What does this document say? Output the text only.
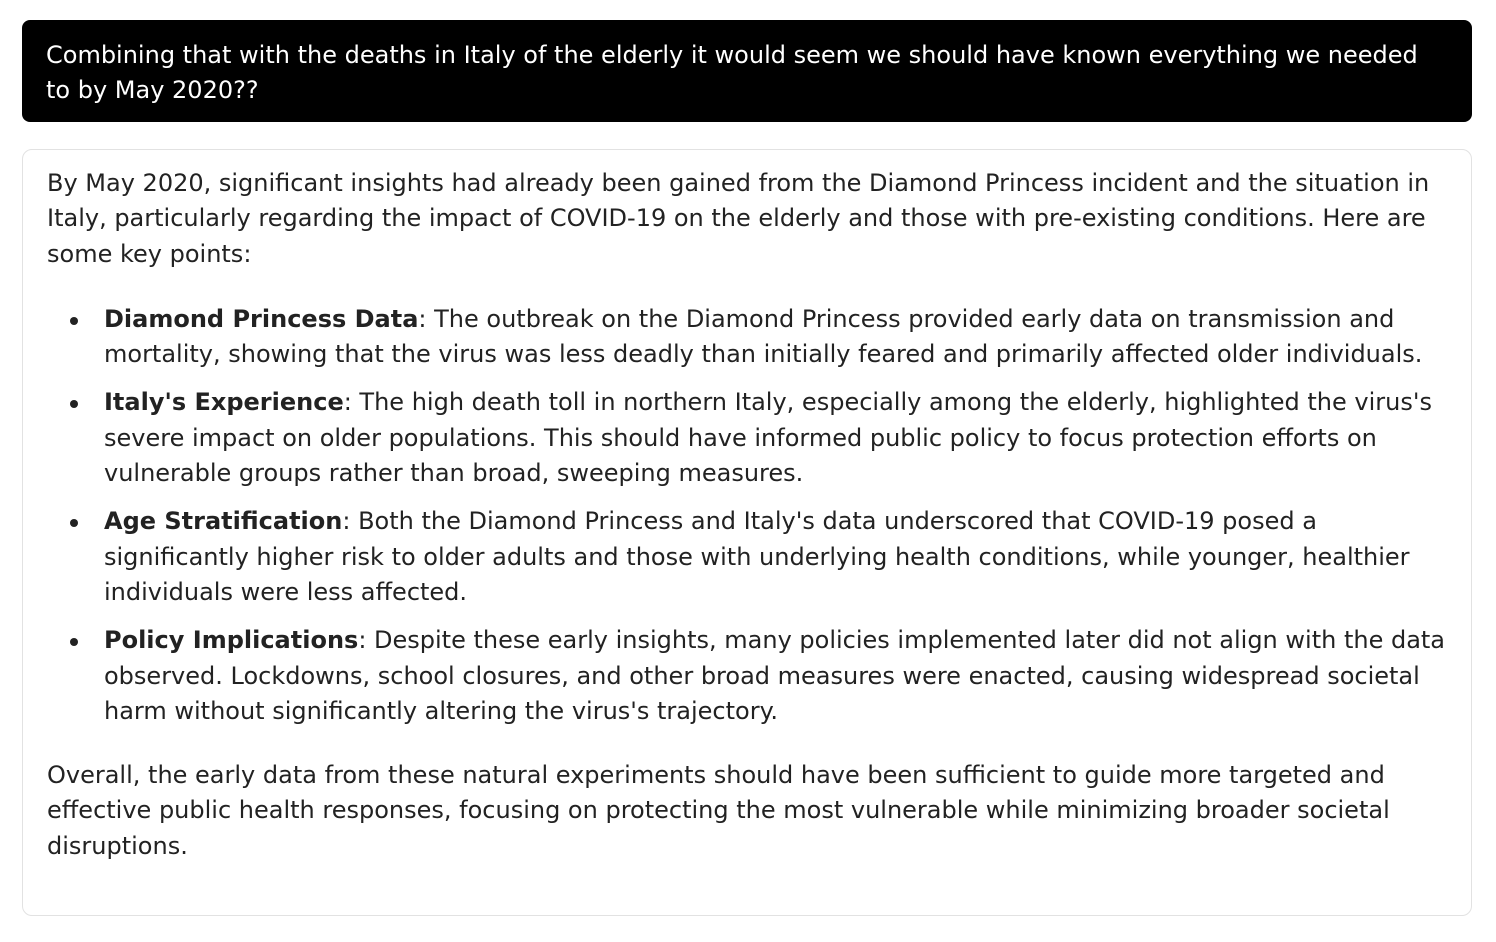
Combining that with the deaths in Italy of the elderly it would seem we should have known everything we needed to by May 2020??

By May 2020, significant insights had already been gained from the Diamond Princess incident and the situation in Italy, particularly regarding the impact of COVID-19 on the elderly and those with pre-existing conditions. Here are some key points:

Diamond Princess Data: The outbreak on the Diamond Princess provided early data on transmission and mortality, showing that the virus was less deadly than initially feared and primarily affected older individuals.
Italy's Experience: The high death toll in northern Italy, especially among the elderly, highlighted the virus's severe impact on older populations. This should have informed public policy to focus protection efforts on vulnerable groups rather than broad, sweeping measures.
Age Stratification: Both the Diamond Princess and Italy's data underscored that COVID-19 posed a significantly higher risk to older adults and those with underlying health conditions, while younger, healthier individuals were less affected.
Policy Implications: Despite these early insights, many policies implemented later did not align with the data observed. Lockdowns, school closures, and other broad measures were enacted, causing widespread societal harm without significantly altering the virus's trajectory.

Overall, the early data from these natural experiments should have been sufficient to guide more targeted and effective public health responses, focusing on protecting the most vulnerable while minimizing broader societal disruptions.
